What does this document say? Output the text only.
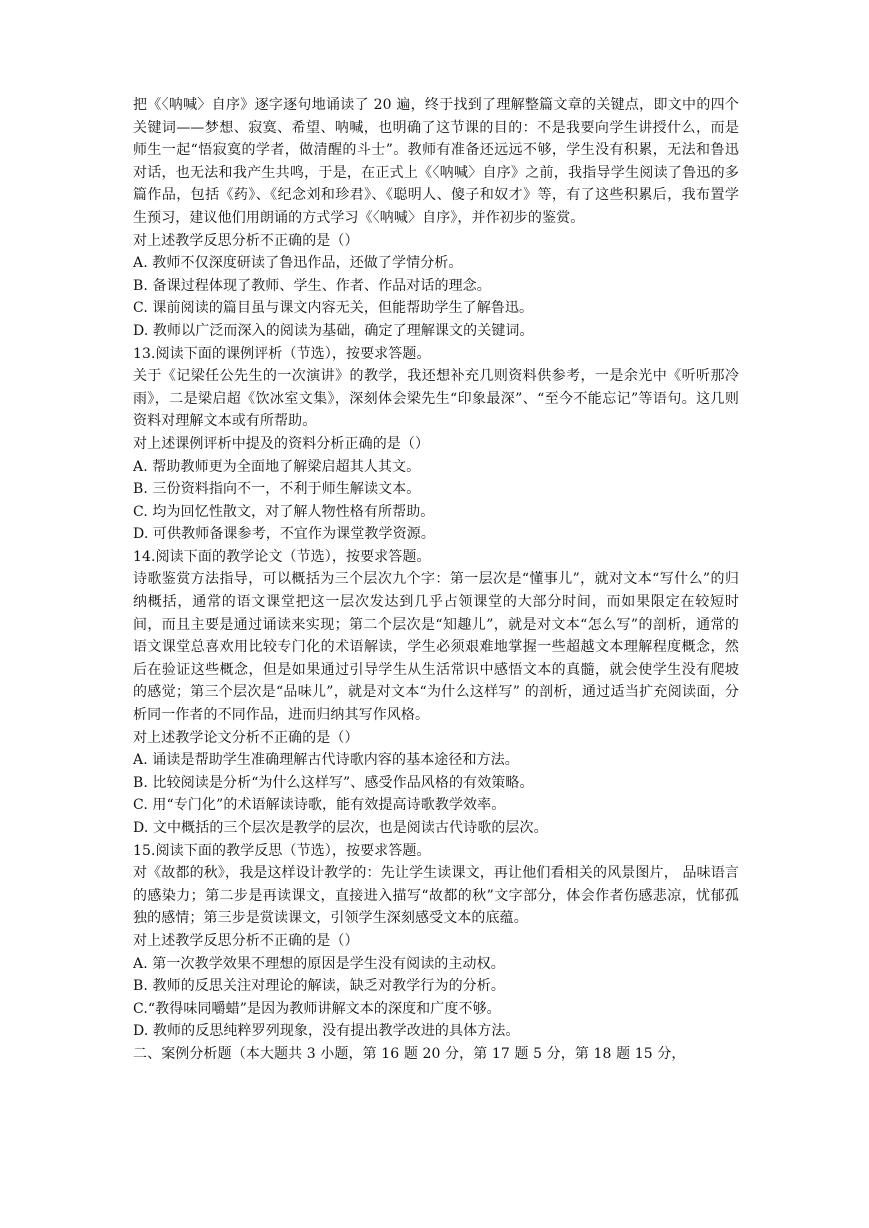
把《〈呐喊〉自序》逐字逐句地诵读了 20 遍，终于找到了理解整篇文章的关键点，即文中的四个关键词——梦想、寂寞、希望、呐喊，也明确了这节课的目的：不是我要向学生讲授什么，而是师生一起“悟寂寞的学者，做清醒的斗士”。教师有准备还远远不够，学生没有积累，无法和鲁迅对话，也无法和我产生共鸣，于是，在正式上《〈呐喊〉自序》之前，我指导学生阅读了鲁迅的多篇作品，包括《药》、《纪念刘和珍君》、《聪明人、傻子和奴才》等，有了这些积累后，我布置学生预习，建议他们用朗诵的方式学习《〈呐喊〉自序》，并作初步的鉴赏。

对上述教学反思分析不正确的是（）

A. 教师不仅深度研读了鲁迅作品，还做了学情分析。

B. 备课过程体现了教师、学生、作者、作品对话的理念。

C. 课前阅读的篇目虽与课文内容无关，但能帮助学生了解鲁迅。

D. 教师以广泛而深入的阅读为基础，确定了理解课文的关键词。

13.阅读下面的课例评析（节选），按要求答题。

关于《记梁任公先生的一次演讲》的教学，我还想补充几则资料供参考，一是余光中《听听那冷雨》，二是梁启超《饮冰室文集》，深刻体会梁先生“印象最深”、“至今不能忘记”等语句。这几则资料对理解文本或有所帮助。

对上述课例评析中提及的资料分析正确的是（）

A. 帮助教师更为全面地了解梁启超其人其文。

B. 三份资料指向不一，不利于师生解读文本。

C. 均为回忆性散文，对了解人物性格有所帮助。

D. 可供教师备课参考，不宜作为课堂教学资源。

14.阅读下面的教学论文（节选），按要求答题。

诗歌鉴赏方法指导，可以概括为三个层次九个字：第一层次是“懂事儿”，就对文本“写什么”的归纳概括，通常的语文课堂把这一层次发达到几乎占领课堂的大部分时间，而如果限定在较短时间，而且主要是通过诵读来实现；第二个层次是“知趣儿”，就是对文本“怎么写”的剖析，通常的语文课堂总喜欢用比较专门化的术语解读，学生必须艰难地掌握一些超越文本理解程度概念，然后在验证这些概念，但是如果通过引导学生从生活常识中感悟文本的真髓，就会使学生没有爬坡的感觉；第三个层次是“品味儿”，就是对文本“为什么这样写” 的剖析，通过适当扩充阅读面，分析同一作者的不同作品，进而归纳其写作风格。

对上述教学论文分析不正确的是（）

A. 诵读是帮助学生准确理解古代诗歌内容的基本途径和方法。

B. 比较阅读是分析“为什么这样写”、感受作品风格的有效策略。

C. 用“专门化”的术语解读诗歌，能有效提高诗歌教学效率。

D. 文中概括的三个层次是教学的层次，也是阅读古代诗歌的层次。

15.阅读下面的教学反思（节选），按要求答题。

对《故都的秋》，我是这样设计教学的：先让学生读课文，再让他们看相关的风景图片， 品味语言的感染力；第二步是再读课文，直接进入描写“故都的秋”文字部分，体会作者伤感悲凉，忧郁孤独的感情；第三步是赏读课文，引领学生深刻感受文本的底蕴。

对上述教学反思分析不正确的是（）

A. 第一次教学效果不理想的原因是学生没有阅读的主动权。

B. 教师的反思关注对理论的解读，缺乏对教学行为的分析。

C.“教得味同嚼蜡”是因为教师讲解文本的深度和广度不够。

D. 教师的反思纯粹罗列现象，没有提出教学改进的具体方法。

二、案例分析题（本大题共 3 小题，第 16 题 20 分，第 17 题 5 分，第 18 题 15 分，
